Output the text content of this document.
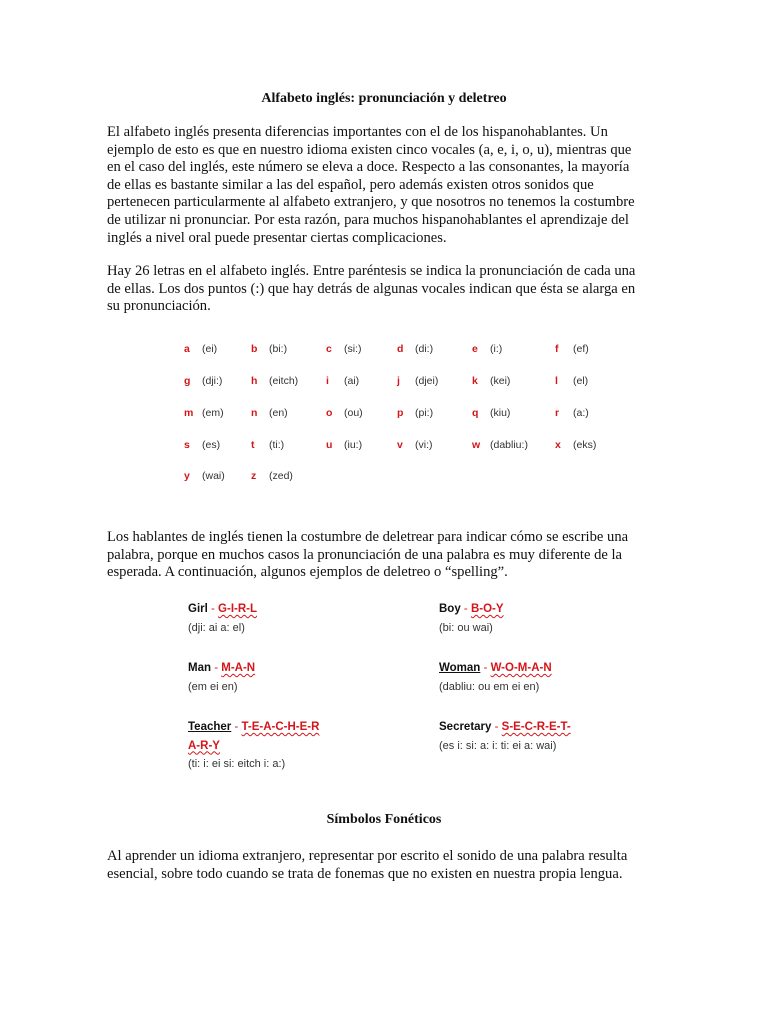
Alfabeto inglés: pronunciación y deletreo

El alfabeto inglés presenta diferencias importantes con el de los hispanohablantes. Un
ejemplo de esto es que en nuestro idioma existen cinco vocales (a, e, i, o, u), mientras que
en el caso del inglés, este número se eleva a doce. Respecto a las consonantes, la mayoría
de ellas es bastante similar a las del español, pero además existen otros sonidos que
pertenecen particularmente al alfabeto extranjero, y que nosotros no tenemos la costumbre
de utilizar ni pronunciar. Por esta razón, para muchos hispanohablantes el aprendizaje del
inglés a nivel oral puede presentar ciertas complicaciones.

Hay 26 letras en el alfabeto inglés. Entre paréntesis se indica la pronunciación de cada una
de ellas. Los dos puntos (:) que hay detrás de algunas vocales indican que ésta se alarga en
su pronunciación.

a (ei)	b (bi:)	c (si:)	d (di:)	e (i:)	f (ef)
g (dji:)	h (eitch)	i (ai)	j (djei)	k (kei)	l (el)
m (em)	n (en)	o (ou)	p (pi:)	q (kiu)	r (a:)
s (es)	t (ti:)	u (iu:)	v (vi:)	w (dabliu:)	x (eks)
y (wai)	z (zed)

Los hablantes de inglés tienen la costumbre de deletrear para indicar cómo se escribe una
palabra, porque en muchos casos la pronunciación de una palabra es muy diferente de la
esperada. A continuación, algunos ejemplos de deletreo o “spelling”.

Girl - G-I-R-L
(dji: ai a: el)
Boy - B-O-Y
(bi: ou wai)
Man - M-A-N
(em ei en)
Woman - W-O-M-A-N
(dabliu: ou em ei en)
Teacher - T-E-A-C-H-E-R
A-R-Y
(ti: i: ei si: eitch i: a:)
Secretary - S-E-C-R-E-T-
(es i: si: a: i: ti: ei a: wai)
Símbolos Fonéticos

Al aprender un idioma extranjero, representar por escrito el sonido de una palabra resulta
esencial, sobre todo cuando se trata de fonemas que no existen en nuestra propia lengua.
